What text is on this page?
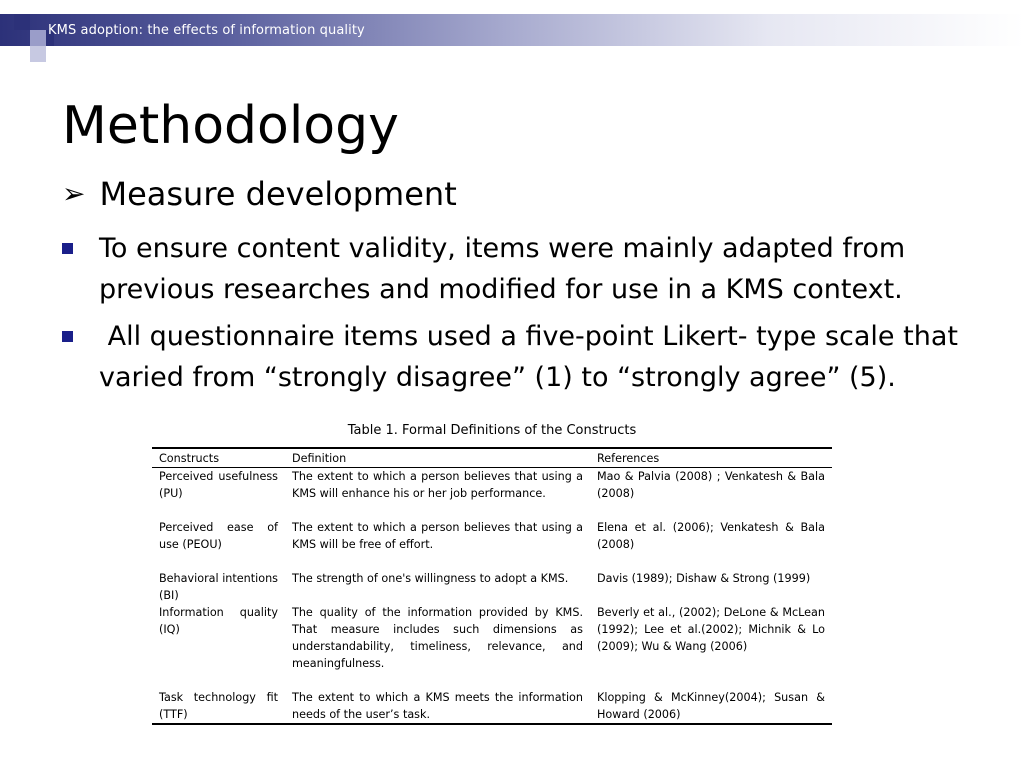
KMS adoption: the effects of information quality
Methodology
➢ Measure development
To ensure content validity, items were mainly adapted from previous researches and modified for use in a KMS context.
All questionnaire items used a five-point Likert- type scale that varied from “strongly disagree” (1) to “strongly agree” (5).
Table 1. Formal Definitions of the Constructs
Constructs	Definition	References
Perceived usefulness (PU)	The extent to which a person believes that using a KMS will enhance his or her job performance.	Mao & Palvia (2008) ; Venkatesh & Bala (2008)

Perceived ease of use (PEOU)	The extent to which a person believes that using a KMS will be free of effort.	Elena et al. (2006); Venkatesh & Bala (2008)

Behavioral intentions (BI)	The strength of one's willingness to adopt a KMS.	Davis (1989); Dishaw & Strong (1999)
Information quality (IQ)	The quality of the information provided by KMS. That measure includes such dimensions as understandability, timeliness, relevance, and meaningfulness.	Beverly et al., (2002); DeLone & McLean (1992); Lee et al.(2002); Michnik & Lo (2009); Wu & Wang (2006)

Task technology fit (TTF)	The extent to which a KMS meets the information needs of the user’s task.	Klopping & McKinney(2004); Susan & Howard (2006)
